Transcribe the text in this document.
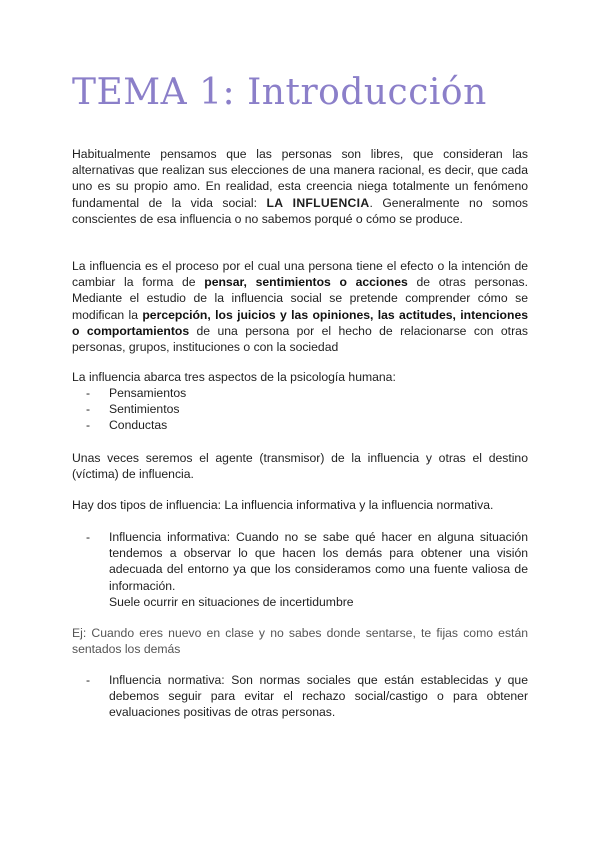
TEMA 1: Introducción

Habitualmente pensamos que las personas son libres, que consideran las alternativas que realizan sus elecciones de una manera racional, es decir, que cada uno es su propio amo. En realidad, esta creencia niega totalmente un fenómeno fundamental de la vida social: LA INFLUENCIA. Generalmente no somos conscientes de esa influencia o no sabemos porqué o cómo se produce.

La influencia es el proceso por el cual una persona tiene el efecto o la intención de cambiar la forma de pensar, sentimientos o acciones de otras personas. Mediante el estudio de la influencia social se pretende comprender cómo se modifican la percepción, los juicios y las opiniones, las actitudes, intenciones o comportamientos de una persona por el hecho de relacionarse con otras personas, grupos, instituciones o con la sociedad

La influencia abarca tres aspectos de la psicología humana:

- Pensamientos
- Sentimientos
- Conductas

Unas veces seremos el agente (transmisor) de la influencia y otras el destino (víctima) de influencia.

Hay dos tipos de influencia: La influencia informativa y la influencia normativa.

- Influencia informativa: Cuando no se sabe qué hacer en alguna situación tendemos a observar lo que hacen los demás para obtener una visión adecuada del entorno ya que los consideramos como una fuente valiosa de información.
Suele ocurrir en situaciones de incertidumbre

Ej: Cuando eres nuevo en clase y no sabes donde sentarse, te fijas como están sentados los demás

- Influencia normativa: Son normas sociales que están establecidas y que debemos seguir para evitar el rechazo social/castigo o para obtener evaluaciones positivas de otras personas.
